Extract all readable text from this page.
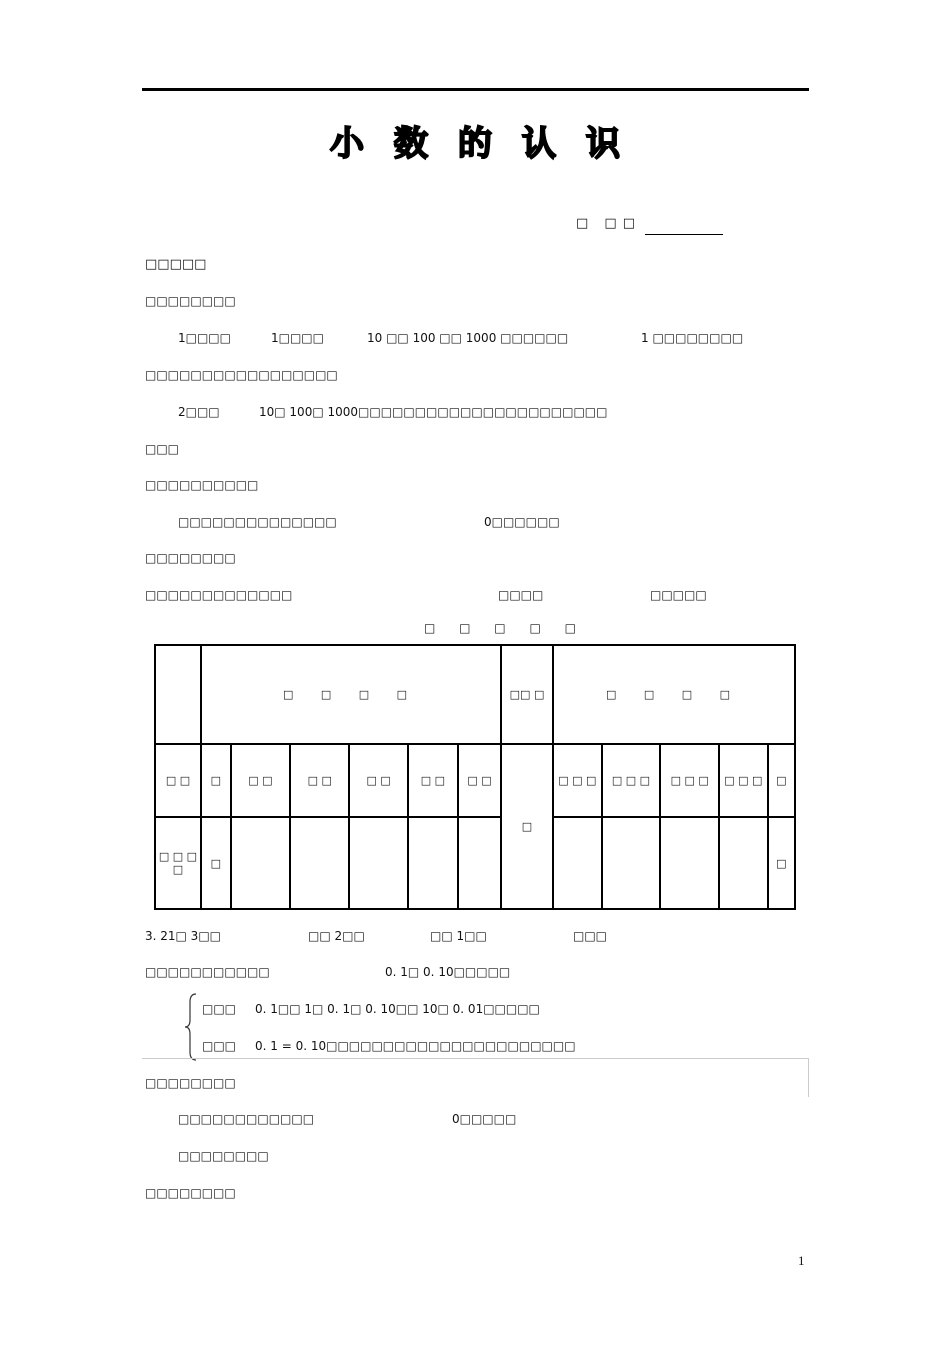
小 数 的 认 识
□ □□
□□□□□
□□□□□□□□
1□□□□	1□□□□	10 □□ 100 □□ 1000 □□□□□□	1 □□□□□□□□
□□□□□□□□□□□□□□□□□
2□□□	10□ 100□ 1000□□□□□□□□□□□□□□□□□□□□□□
□□□
□□□□□□□□□□
□□□□□□□□□□□□□□	0□□□□□□
□□□□□□□□
□□□□□□□□□□□□□	□□□□	□□□□□
□ □ □ □ □
	□ □ □ □						□□ □	□ □ □ □				
□ □	□	□ □	□ □	□ □	□ □	□ □	□	□ □ □	□ □ □	□ □ □	□ □ □	□
□ □ □ □	□											□
3. 21□ 3□□	□□ 2□□	□□ 1□□	□□□
□□□□□□□□□□□	0. 1□ 0. 10□□□□□
□□□ 0. 1□□ 1□ 0. 1□ 0. 10□□ 10□ 0. 01□□□□□
□□□ 0. 1 = 0. 10□□□□□□□□□□□□□□□□□□□□□□
□□□□□□□□
□□□□□□□□□□□□	0□□□□□
□□□□□□□□
□□□□□□□□
1
